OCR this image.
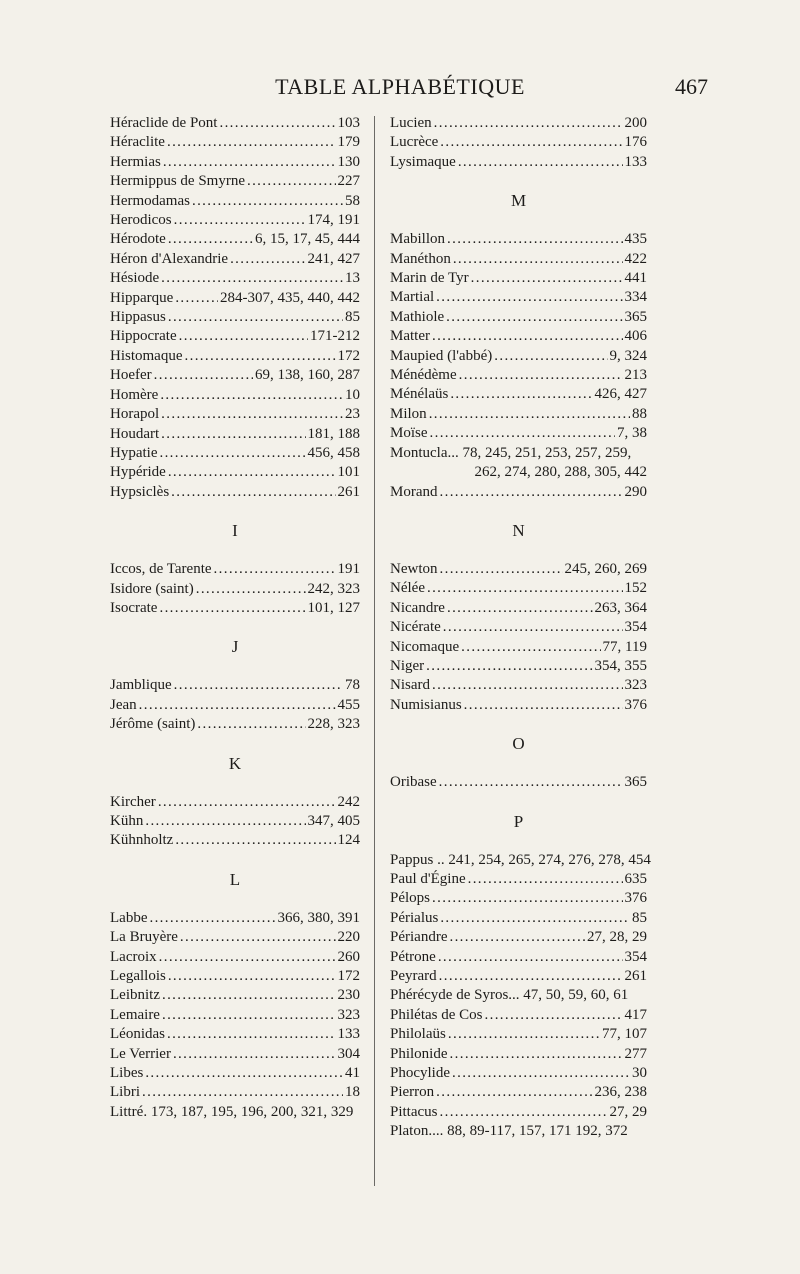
TABLE ALPHABÉTIQUE	467
Héraclide de Pont . . .	103
Héraclite . . .	179
Hermias . . .	130
Hermippus de Smyrne . . .	227
Hermodamas . . .	58
Herodicos . . .	174, 191
Hérodote . . .	6, 15, 17, 45, 444
Héron d'Alexandrie . . .	241, 427
Hésiode . . .	13
Hipparque . . .	284-307, 435, 440, 442
Hippasus . . .	85
Hippocrate . . .	171-212
Histomaque . . .	172
Hoefer . . .	69, 138, 160, 287
Homère . . .	10
Horapol . . .	23
Houdart . . .	181, 188
Hypatie . . .	456, 458
Hypéride . . .	101
Hypsiclès . . .	261
I
Iccos, de Tarente . . .	191
Isidore (saint) . . .	242, 323
Isocrate . . .	101, 127
J
Jamblique . . .	78
Jean . . .	455
Jérôme (saint) . . .	228, 323
K
Kircher . . .	242
Kühn . . .	347, 405
Kühnholtz . . .	124
L
Labbe . . .	366, 380, 391
La Bruyère . . .	220
Lacroix . . .	260
Legallois . . .	172
Leibnitz . . .	230
Lemaire . . .	323
Léonidas . . .	133
Le Verrier . . .	304
Libes . . .	41
Libri . . .	18
Littré. 173, 187, 195, 196, 200, 321, 329
Lucien . . .	200
Lucrèce . . .	176
Lysimaque . . .	133
M
Mabillon . . .	435
Manéthon . . .	422
Marin de Tyr . . .	441
Martial . . .	334
Mathiole . . .	365
Matter . . .	406
Maupied (l'abbé) . . .	9, 324
Ménédème . . .	213
Ménélaüs . . .	426, 427
Milon . . .	88
Moïse . . .	7, 38
Montucla... 78, 245, 251, 253, 257, 259,
262, 274, 280, 288, 305, 442
Morand . . .	290
N
Newton . . .	245, 260, 269
Nélée . . .	152
Nicandre . . .	263, 364
Nicérate . . .	354
Nicomaque . . .	77, 119
Niger . . .	354, 355
Nisard . . .	323
Numisianus . . .	376
O
Oribase . . .	365
P
Pappus .. 241, 254, 265, 274, 276, 278, 454
Paul d'Égine . . .	635
Pélops . . .	376
Périalus . . .	85
Périandre . . .	27, 28, 29
Pétrone . . .	354
Peyrard . . .	261
Phérécyde de Syros... 47, 50, 59, 60, 61
Philétas de Cos . . .	417
Philolaüs . . .	77, 107
Philonide . . .	277
Phocylide . . .	30
Pierron . . .	236, 238
Pittacus . . .	27, 29
Platon.... 88, 89-117, 157, 171 192, 372
